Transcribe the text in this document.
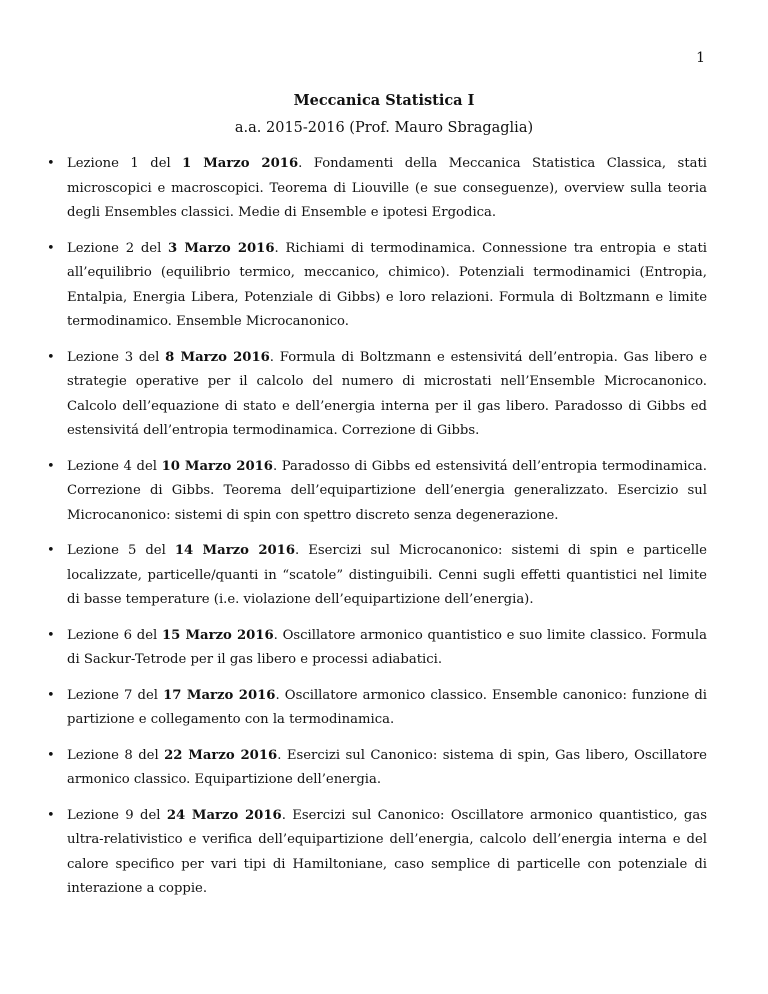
1
Meccanica Statistica I
a.a. 2015-2016 (Prof. Mauro Sbragaglia)
• Lezione 1 del 1 Marzo 2016. Fondamenti della Meccanica Statistica Classica, stati microscopici e macroscopici. Teorema di Liouville (e sue conseguenze), overview sulla teoria degli Ensembles classici. Medie di Ensemble e ipotesi Ergodica.
• Lezione 2 del 3 Marzo 2016. Richiami di termodinamica. Connessione tra entropia e stati all’equilibrio (equilibrio termico, meccanico, chimico). Potenziali termodinamici (Entropia, Entalpia, Energia Libera, Potenziale di Gibbs) e loro relazioni. Formula di Boltzmann e limite termodinamico. Ensemble Microcanonico.
• Lezione 3 del 8 Marzo 2016. Formula di Boltzmann e estensivitá dell’entropia. Gas libero e strategie operative per il calcolo del numero di microstati nell’Ensemble Microcanonico. Calcolo dell’equazione di stato e dell’energia interna per il gas libero. Paradosso di Gibbs ed estensivitá dell’entropia termodinamica. Correzione di Gibbs.
• Lezione 4 del 10 Marzo 2016. Paradosso di Gibbs ed estensivitá dell’entropia termodinamica. Correzione di Gibbs. Teorema dell’equipartizione dell’energia generalizzato. Esercizio sul Microcanonico: sistemi di spin con spettro discreto senza degenerazione.
• Lezione 5 del 14 Marzo 2016. Esercizi sul Microcanonico: sistemi di spin e particelle localizzate, particelle/quanti in “scatole” distinguibili. Cenni sugli effetti quantistici nel limite di basse temperature (i.e. violazione dell’equipartizione dell’energia).
• Lezione 6 del 15 Marzo 2016. Oscillatore armonico quantistico e suo limite classico. Formula di Sackur-Tetrode per il gas libero e processi adiabatici.
• Lezione 7 del 17 Marzo 2016. Oscillatore armonico classico. Ensemble canonico: funzione di partizione e collegamento con la termodinamica.
• Lezione 8 del 22 Marzo 2016. Esercizi sul Canonico: sistema di spin, Gas libero, Oscillatore armonico classico. Equipartizione dell’energia.
• Lezione 9 del 24 Marzo 2016. Esercizi sul Canonico: Oscillatore armonico quantistico, gas ultra-relativistico e verifica dell’equipartizione dell’energia, calcolo dell’energia interna e del calore specifico per vari tipi di Hamiltoniane, caso semplice di particelle con potenziale di interazione a coppie.
